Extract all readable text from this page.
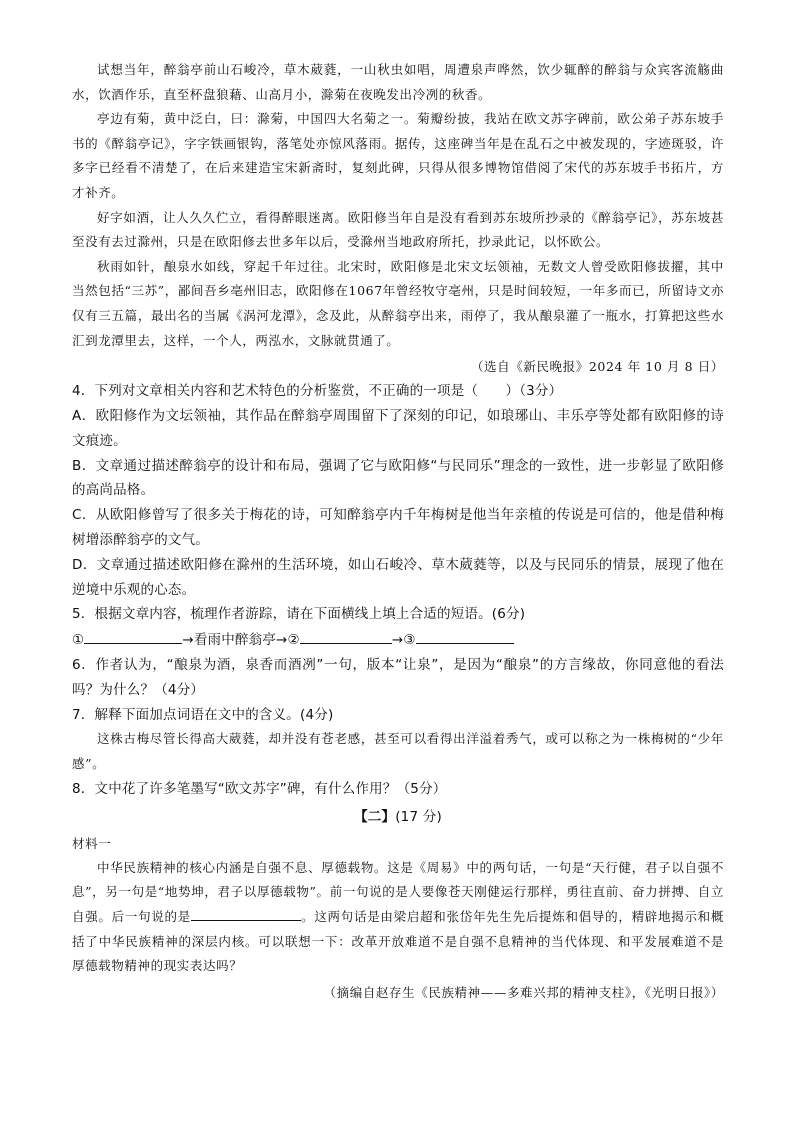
试想当年，醉翁亭前山石峻冷，草木葳蕤，一山秋虫如唱，周遭泉声哗然，饮少辄醉的醉翁与众宾客流觞曲水，饮酒作乐，直至杯盘狼藉、山高月小，滁菊在夜晚发出冷冽的秋香。

亭边有菊，黄中泛白，曰：滁菊，中国四大名菊之一。菊瓣纷披，我站在欧文苏字碑前，欧公弟子苏东坡手书的《醉翁亭记》，字字铁画银钩，落笔处亦惊风落雨。据传，这座碑当年是在乱石之中被发现的，字迹斑驳，许多字已经看不清楚了，在后来建造宝宋新斋时，复刻此碑，只得从很多博物馆借阅了宋代的苏东坡手书拓片，方才补齐。

好字如酒，让人久久伫立，看得醉眼迷离。欧阳修当年自是没有看到苏东坡所抄录的《醉翁亭记》，苏东坡甚至没有去过滁州，只是在欧阳修去世多年以后，受滁州当地政府所托，抄录此记，以怀欧公。

秋雨如针，酿泉水如线，穿起千年过往。北宋时，欧阳修是北宋文坛领袖，无数文人曾受欧阳修拔擢，其中当然包括“三苏”，鄙间吾乡亳州旧志，欧阳修在1067年曾经牧守亳州，只是时间较短，一年多而已，所留诗文亦仅有三五篇，最出名的当属《涡河龙潭》，念及此，从醉翁亭出来，雨停了，我从酿泉灌了一瓶水，打算把这些水汇到龙潭里去，这样，一个人，两泓水，文脉就贯通了。

（选自《新民晚报》2024 年 10 月 8 日）

4．下列对文章相关内容和艺术特色的分析鉴赏，不正确的一项是（　　）（3分）

A．欧阳修作为文坛领袖，其作品在醉翁亭周围留下了深刻的印记，如琅琊山、丰乐亭等处都有欧阳修的诗文痕迹。

B．文章通过描述醉翁亭的设计和布局，强调了它与欧阳修“与民同乐”理念的一致性，进一步彰显了欧阳修的高尚品格。

C．从欧阳修曾写了很多关于梅花的诗，可知醉翁亭内千年梅树是他当年亲植的传说是可信的，他是借种梅树增添醉翁亭的文气。

D．文章通过描述欧阳修在滁州的生活环境，如山石峻冷、草木葳蕤等，以及与民同乐的情景，展现了他在逆境中乐观的心态。

5．根据文章内容，梳理作者游踪，请在下面横线上填上合适的短语。(6分)

①	→看雨中醉翁亭→②	→③

6．作者认为，“酿泉为酒，泉香而酒冽”一句，版本“让泉”，是因为“酿泉”的方言缘故，你同意他的看法吗？为什么？（4分）

7．解释下面加点词语在文中的含义。(4分)

这株古梅尽管长得高大葳蕤，却并没有苍老感，甚至可以看得出洋溢着秀气，或可以称之为一株梅树的“少年感”。

8．文中花了许多笔墨写“欧文苏字”碑，有什么作用？（5分）

【二】(17 分)

材料一

中华民族精神的核心内涵是自强不息、厚德载物。这是《周易》中的两句话，一句是“天行健，君子以自强不息”，另一句是“地势坤，君子以厚德载物”。前一句说的是人要像苍天刚健运行那样，勇往直前、奋力拼搏、自立自强。后一句说的是	。这两句话是由梁启超和张岱年先生先后提炼和倡导的，精辟地揭示和概括了中华民族精神的深层内核。可以联想一下：改革开放难道不是自强不息精神的当代体现、和平发展难道不是厚德载物精神的现实表达吗？

（摘编自赵存生《民族精神——多难兴邦的精神支柱》，《光明日报》）
